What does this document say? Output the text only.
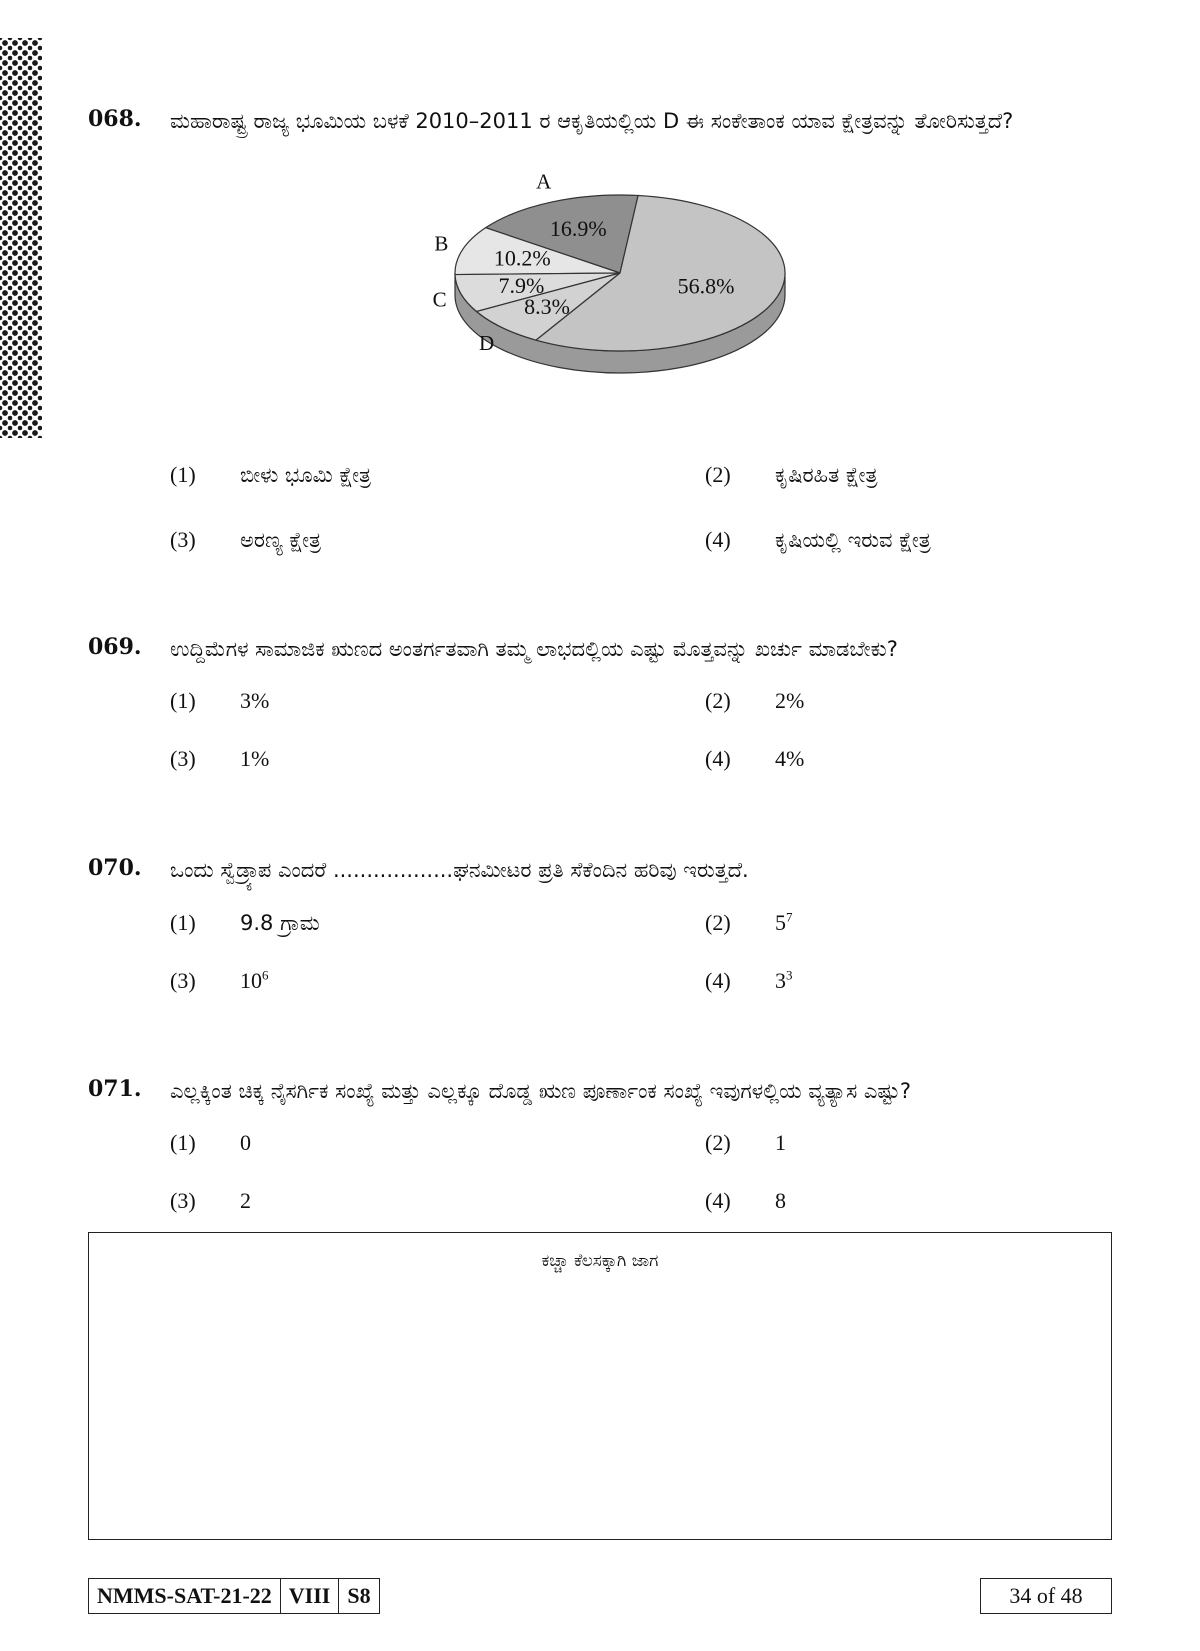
068. ಮಹಾರಾಷ್ಟ್ರ ರಾಜ್ಯ ಭೂಮಿಯ ಬಳಕೆ 2010–2011 ರ ಆಕೃತಿಯಲ್ಲಿಯ D ಈ ಸಂಕೇತಾಂಕ ಯಾವ ಕ್ಷೇತ್ರವನ್ನು ತೋರಿಸುತ್ತದೆ?
16.9%
A
10.2%
B
7.9%
C	8.3%
D
56.8%
(1) ಬೀಳು ಭೂಮಿ ಕ್ಷೇತ್ರ	(2) ಕೃಷಿರಹಿತ ಕ್ಷೇತ್ರ
(3) ಅರಣ್ಯ ಕ್ಷೇತ್ರ	(4) ಕೃಷಿಯಲ್ಲಿ ಇರುವ ಕ್ಷೇತ್ರ
069. ಉದ್ದಿಮೆಗಳ ಸಾಮಾಜಿಕ ಋಣದ ಅಂತರ್ಗತವಾಗಿ ತಮ್ಮ ಲಾಭದಲ್ಲಿಯ ಎಷ್ಟು ಮೊತ್ತವನ್ನು ಖರ್ಚು ಮಾಡಬೇಕು?
(1) 3%	(2) 2%
(3) 1%	(4) 4%
070. ಒಂದು ಸ್ವೆಡ್ರ್ಯಾಪ ಎಂದರೆ ..................ಘನಮೀಟರ ಪ್ರತಿ ಸೆಕೆಂದಿನ ಹರಿವು ಇರುತ್ತದೆ.
(1) 9.8 ಗ್ರಾಮ	(2) $5^7$
(3) $10^6$	(4) $3^3$
071. ಎಲ್ಲಕ್ಕಿಂತ ಚಿಕ್ಕ ನೈಸರ್ಗಿಕ ಸಂಖ್ಯೆ ಮತ್ತು ಎಲ್ಲಕ್ಕೂ ದೊಡ್ಡ ಋಣ ಪೂರ್ಣಾಂಕ ಸಂಖ್ಯೆ ಇವುಗಳಲ್ಲಿಯ ವ್ಯತ್ಯಾಸ ಎಷ್ಟು?
(1) 0	(2) 1
(3) 2	(4) 8
ಕಚ್ಚಾ ಕೆಲಸಕ್ಕಾಗಿ ಜಾಗ
NMMS-SAT-21-22 VIII S8	34 of 48
